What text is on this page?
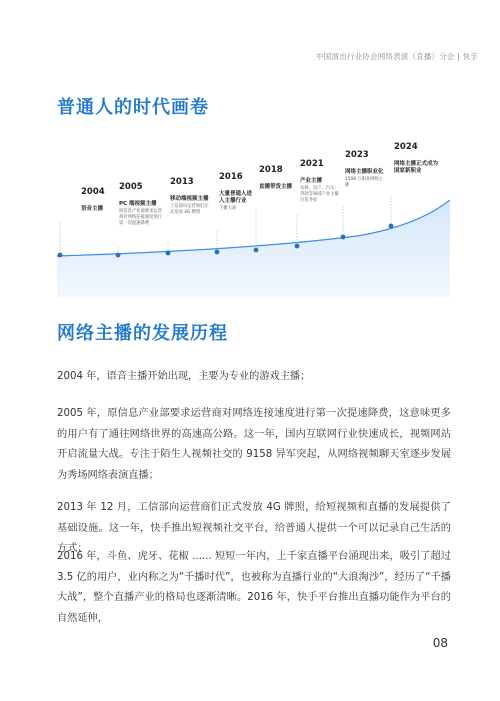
中国演出行业协会网络表演（直播）分会 | 快手
普通人的时代画卷
2004
语音主播
2005
PC 端视频主播
原信息产业部要求运营商对网络连接速度进行第一次提速降费
2013
移动端视频主播
工信部向运营商们正式发放 4G 牌照
2016
大量普通人进入主播行业
千播大战
2018
直播带货主播
2021
产业主播
农林、房产、汽车、贷款等领域产业主播百花齐放
2023
网络主播职业化
1508 万职业网络主播
2024
网络主播正式成为国家新职业
网络主播的发展历程

2004 年，语音主播开始出现，主要为专业的游戏主播；

2005 年，原信息产业部要求运营商对网络连接速度进行第一次提速降费，这意味更多的用户有了通往网络世界的高速高公路。这一年，国内互联网行业快速成长，视频网站开启流量大战。专注于陌生人视频社交的 9158 异军突起，从网络视频聊天室逐步发展为秀场网络表演直播；

2013 年 12 月，工信部向运营商们正式发放 4G 牌照，给短视频和直播的发展提供了基础设施。这一年，快手推出短视频社交平台，给普通人提供一个可以记录自己生活的方式；

2016 年，斗鱼、虎牙、花椒 ...... 短短一年内，上千家直播平台涌现出来，吸引了超过 3.5 亿的用户，业内称之为“千播时代”，也被称为直播行业的“大浪淘沙”，经历了“千播大战”，整个直播产业的格局也逐渐清晰。2016 年，快手平台推出直播功能作为平台的自然延伸，

08
